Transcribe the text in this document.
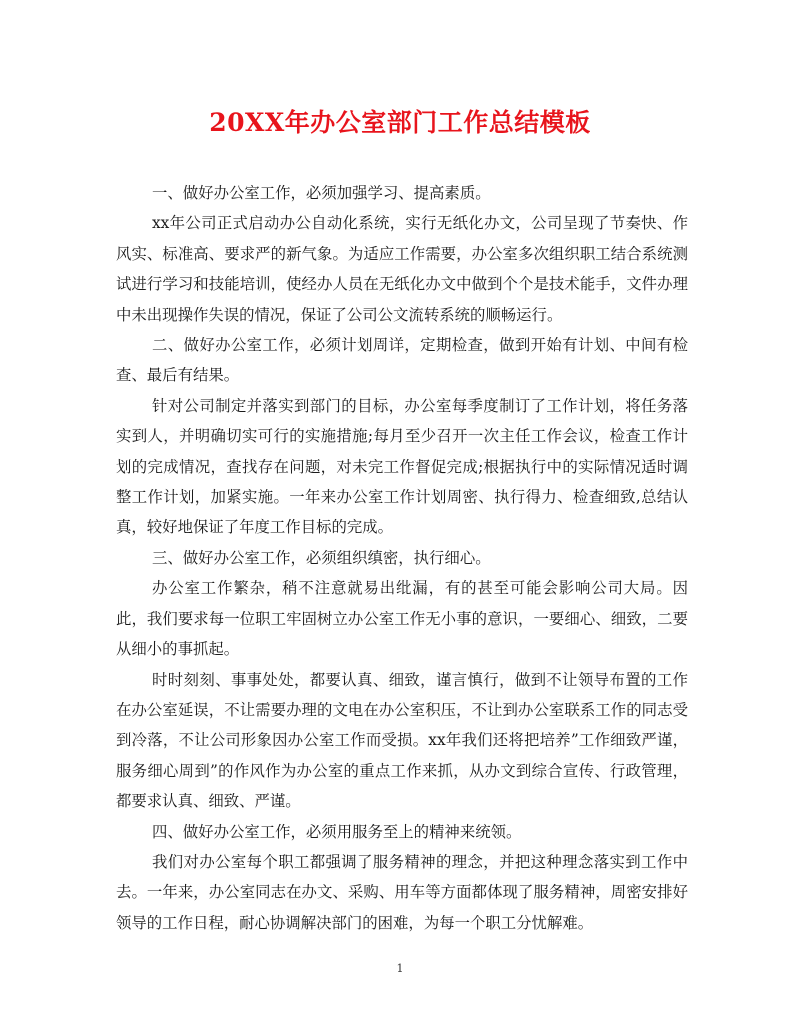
20XX年办公室部门工作总结模板

一、做好办公室工作，必须加强学习、提高素质。

xx年公司正式启动办公自动化系统，实行无纸化办文，公司呈现了节奏快、作风实、标准高、要求严的新气象。为适应工作需要，办公室多次组织职工结合系统测试进行学习和技能培训，使经办人员在无纸化办文中做到个个是技术能手，文件办理中未出现操作失误的情况，保证了公司公文流转系统的顺畅运行。

二、做好办公室工作，必须计划周详，定期检查，做到开始有计划、中间有检查、最后有结果。

针对公司制定并落实到部门的目标，办公室每季度制订了工作计划，将任务落实到人，并明确切实可行的实施措施;每月至少召开一次主任工作会议，检查工作计划的完成情况，查找存在问题，对未完工作督促完成;根据执行中的实际情况适时调整工作计划，加紧实施。一年来办公室工作计划周密、执行得力、检查细致,总结认真，较好地保证了年度工作目标的完成。

三、做好办公室工作，必须组织缜密，执行细心。

办公室工作繁杂，稍不注意就易出纰漏，有的甚至可能会影响公司大局。因此，我们要求每一位职工牢固树立办公室工作无小事的意识，一要细心、细致，二要从细小的事抓起。

时时刻刻、事事处处，都要认真、细致，谨言慎行，做到不让领导布置的工作在办公室延误，不让需要办理的文电在办公室积压，不让到办公室联系工作的同志受到冷落，不让公司形象因办公室工作而受损。xx年我们还将把培养”工作细致严谨，服务细心周到”的作风作为办公室的重点工作来抓，从办文到综合宣传、行政管理，都要求认真、细致、严谨。

四、做好办公室工作，必须用服务至上的精神来统领。

我们对办公室每个职工都强调了服务精神的理念，并把这种理念落实到工作中去。一年来，办公室同志在办文、采购、用车等方面都体现了服务精神，周密安排好领导的工作日程，耐心协调解决部门的困难，为每一个职工分忧解难。

1
